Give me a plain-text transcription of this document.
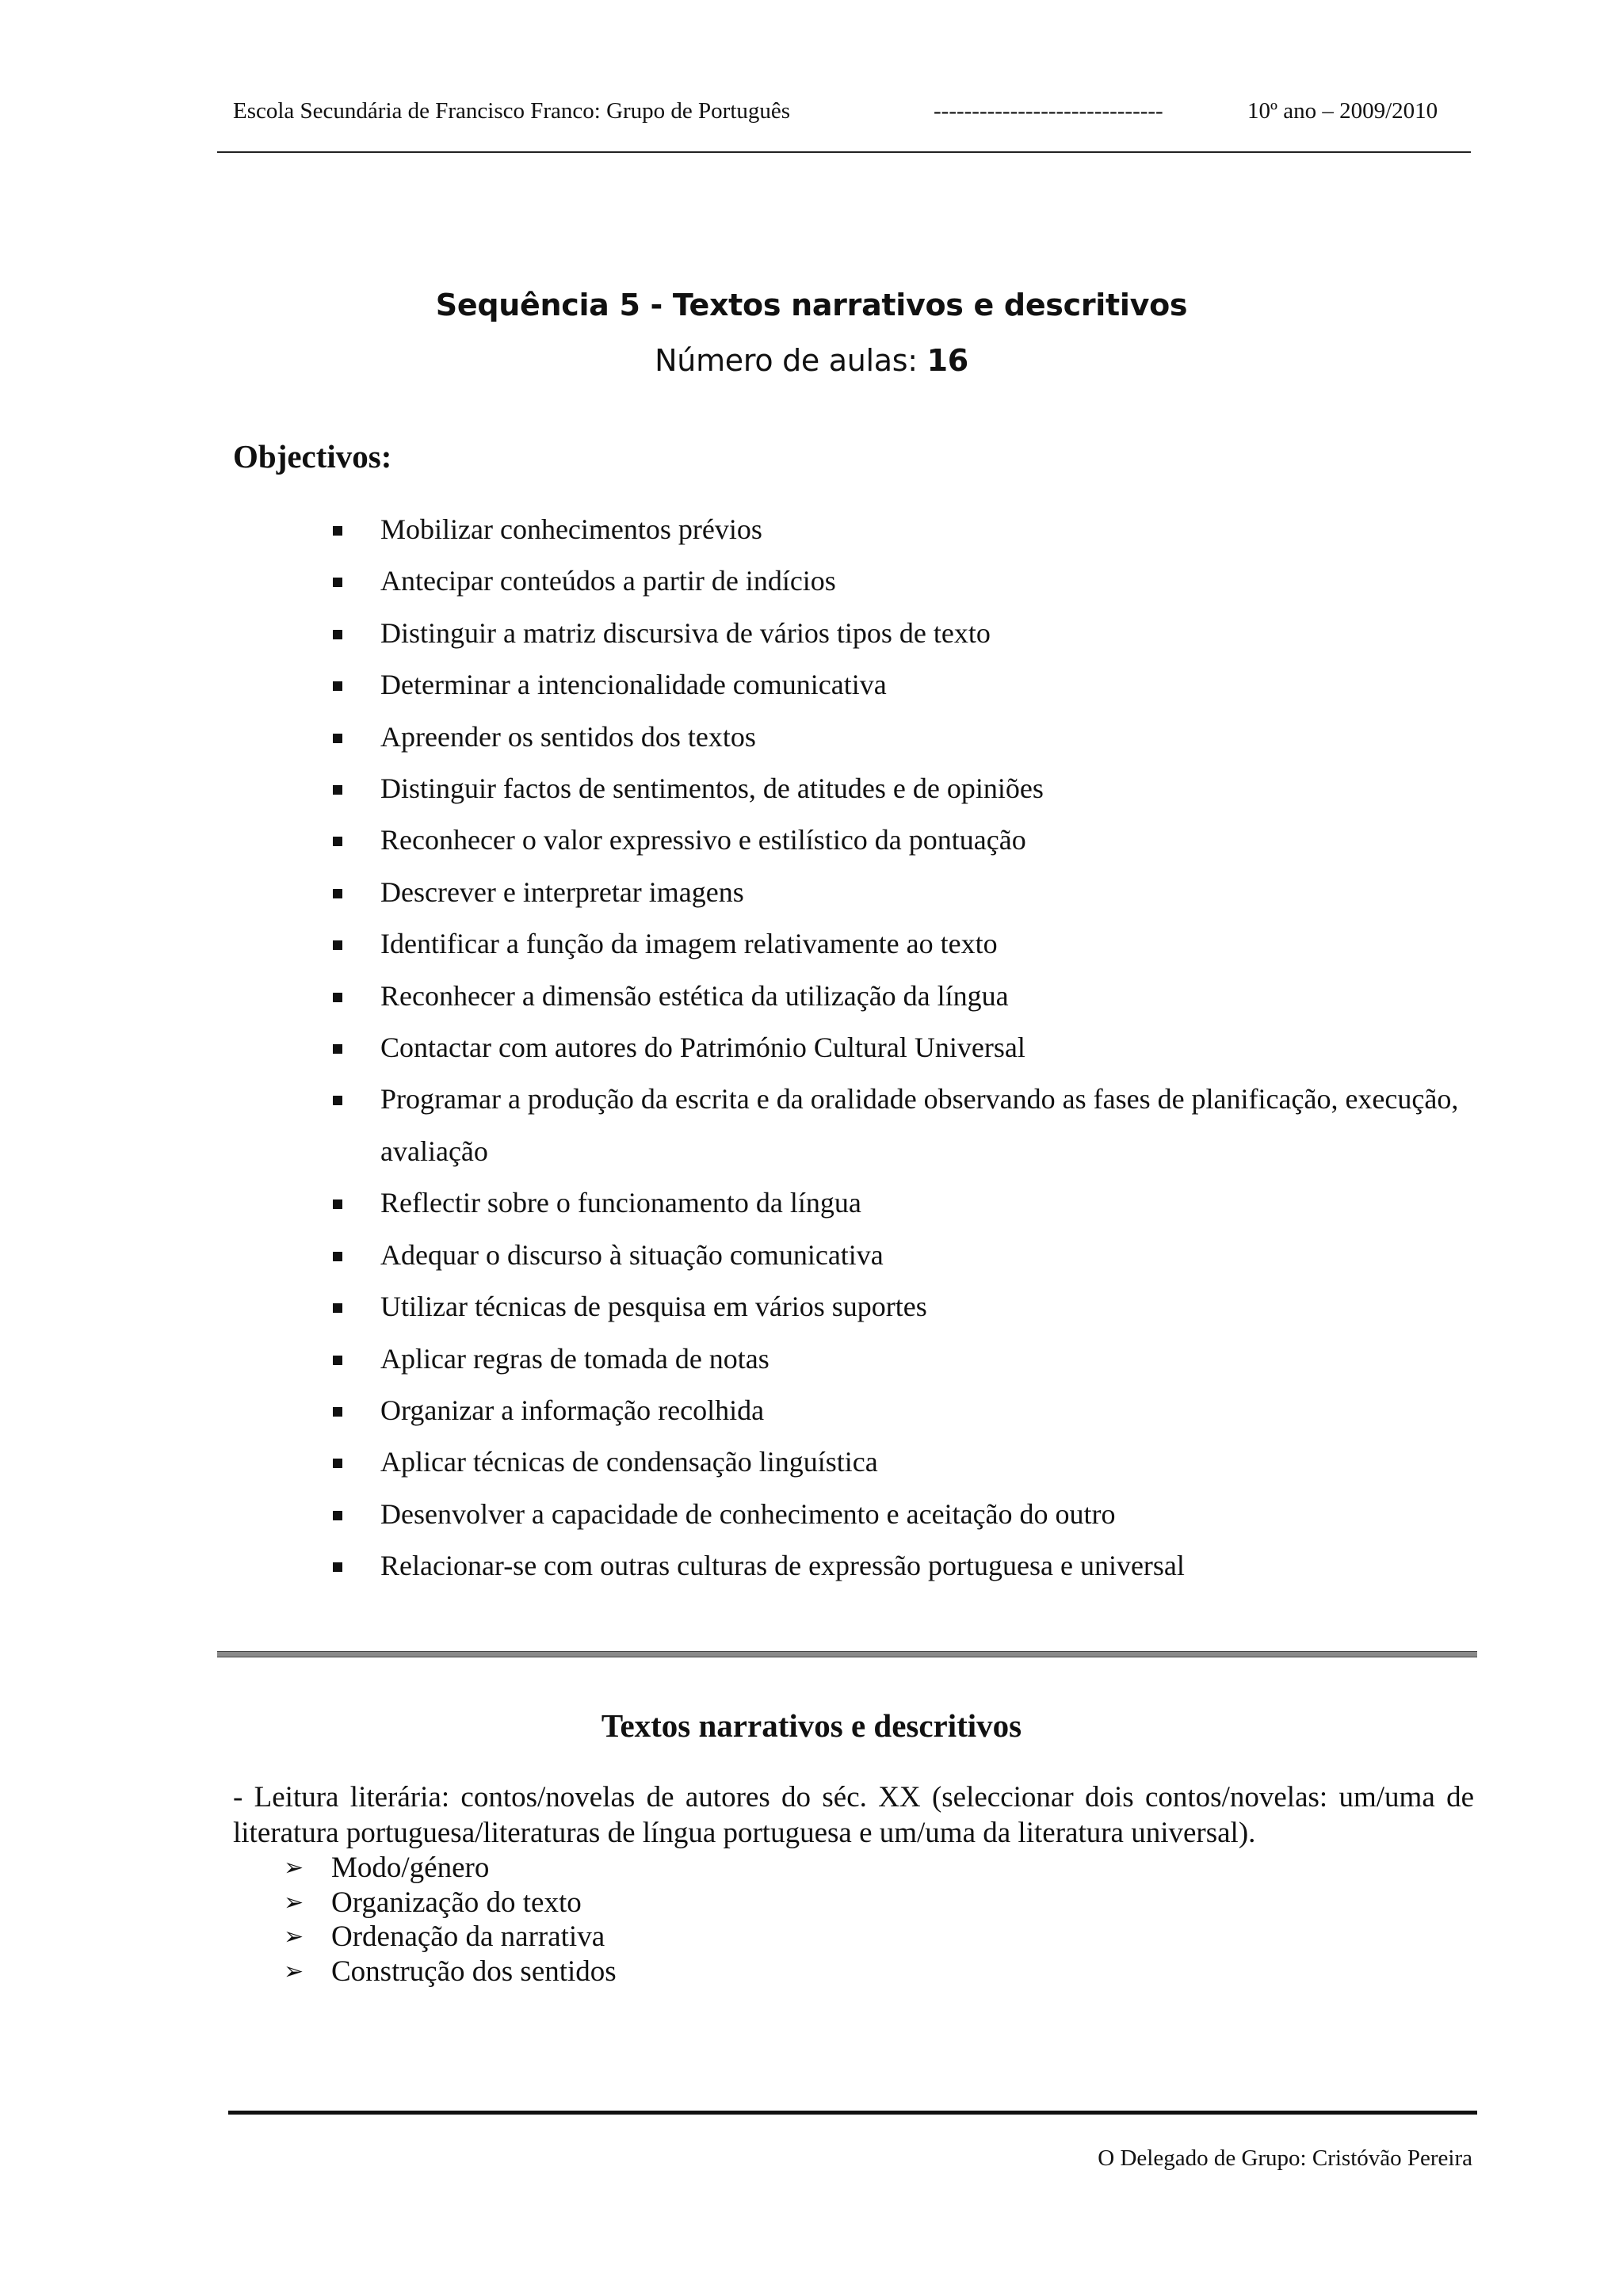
Escola Secundária de Francisco Franco: Grupo de Português	------------------------------	10º ano – 2009/2010
Sequência 5 - Textos narrativos e descritivos
Número de aulas: 16
Objectivos:
Mobilizar conhecimentos prévios
Antecipar conteúdos a partir de indícios
Distinguir a matriz discursiva de vários tipos de texto
Determinar a intencionalidade comunicativa
Apreender os sentidos dos textos
Distinguir factos de sentimentos, de atitudes e de opiniões
Reconhecer o valor expressivo e estilístico da pontuação
Descrever e interpretar imagens
Identificar a função da imagem relativamente ao texto
Reconhecer a dimensão estética da utilização da língua
Contactar com autores do Património Cultural Universal
Programar a produção da escrita e da oralidade observando as fases de planificação, execução, avaliação
Reflectir sobre o funcionamento da língua
Adequar o discurso à situação comunicativa
Utilizar técnicas de pesquisa em vários suportes
Aplicar regras de tomada de notas
Organizar a informação recolhida
Aplicar técnicas de condensação linguística
Desenvolver a capacidade de conhecimento e aceitação do outro
Relacionar-se com outras culturas de expressão portuguesa e universal
Textos narrativos e descritivos
- Leitura literária: contos/novelas de autores do séc. XX (seleccionar dois contos/novelas: um/uma de literatura portuguesa/literaturas de língua portuguesa e um/uma da literatura universal).
➢ Modo/género
➢ Organização do texto
➢ Ordenação da narrativa
➢ Construção dos sentidos
O Delegado de Grupo: Cristóvão Pereira
